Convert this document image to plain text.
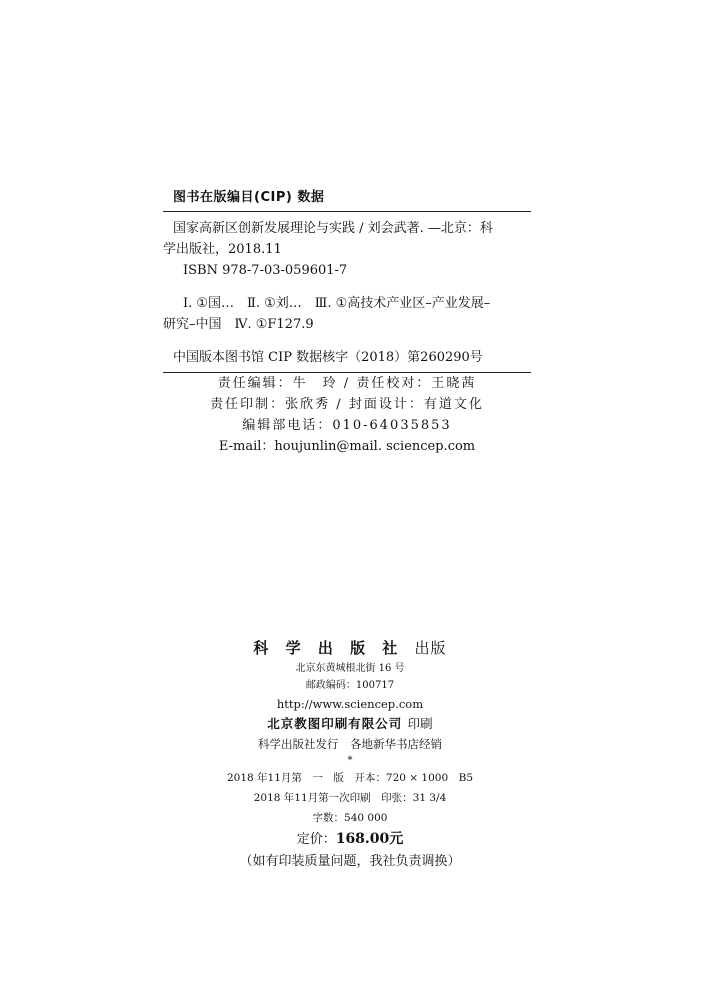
图书在版编目(CIP) 数据
国家高新区创新发展理论与实践 / 刘会武著. —北京：科
学出版社，2018.11
ISBN 978-7-03-059601-7
Ⅰ. ①国…　Ⅱ. ①刘…　Ⅲ. ①高技术产业区–产业发展–
研究–中国　Ⅳ. ①F127.9
中国版本图书馆 CIP 数据核字（2018）第260290号
责任编辑：牛　玲 / 责任校对：王晓茜
责任印制：张欣秀 / 封面设计：有道文化
编辑部电话：010-64035853
E-mail：houjunlin@mail. sciencep.com
科 学 出 版 社 出版
北京东黄城根北街 16 号
邮政编码：100717
http://www.sciencep.com
北京教图印刷有限公司 印刷
科学出版社发行　各地新华书店经销
*
2018 年11月第　一　版　开本：720 × 1000　B5
2018 年11月第一次印刷　印张：31 3/4
字数：540 000
定价：168.00元
（如有印装质量问题，我社负责调换）
